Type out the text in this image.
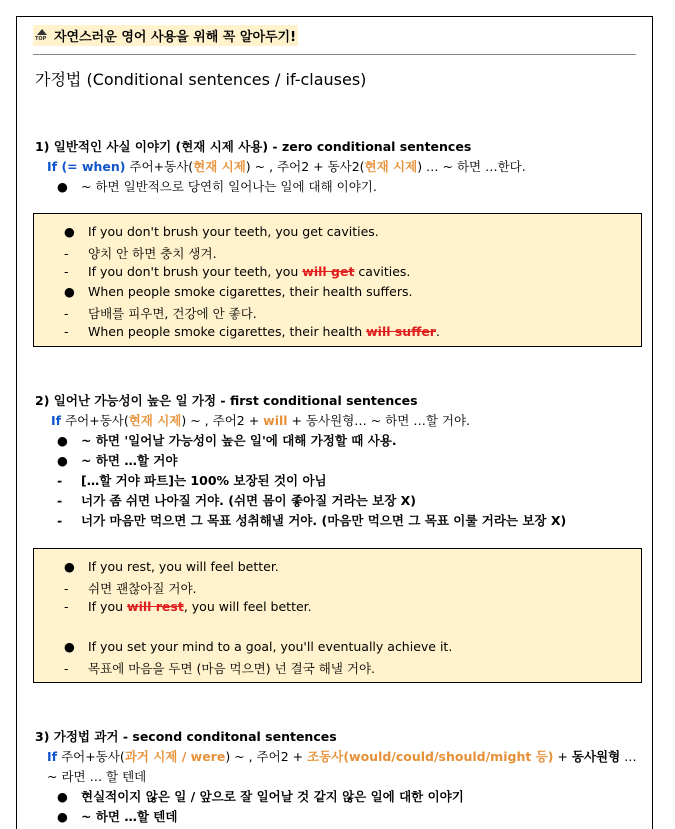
TOP 자연스러운 영어 사용을 위해 꼭 알아두기!
가정법 (Conditional sentences / if-clauses)
1) 일반적인 사실 이야기 (현재 시제 사용) - zero conditional sentences
If (= when) 주어+동사(현재 시제) ~ , 주어2 + 동사2(현재 시제) … ~ 하면 …한다.
● ~ 하면 일반적으로 당연히 일어나는 일에 대해 이야기.
● If you don't brush your teeth, you get cavities.
- 양치 안 하면 충치 생겨.
- If you don't brush your teeth, you will get cavities.
● When people smoke cigarettes, their health suffers.
- 담배를 피우면, 건강에 안 좋다.
- When people smoke cigarettes, their health will suffer.
2) 일어난 가능성이 높은 일 가정 - first conditional sentences
If 주어+동사(현재 시제) ~ , 주어2 + will + 동사원형… ~ 하면 …할 거야.
● ~ 하면 '일어날 가능성이 높은 일'에 대해 가정할 때 사용.
● ~ 하면 …할 거야
- […할 거야 파트]는 100% 보장된 것이 아님
- 너가 좀 쉬면 나아질 거야. (쉬면 몸이 좋아질 거라는 보장 X)
- 너가 마음만 먹으면 그 목표 성취해낼 거야. (마음만 먹으면 그 목표 이룰 거라는 보장 X)
● If you rest, you will feel better.
- 쉬면 괜찮아질 거야.
- If you will rest, you will feel better.
● If you set your mind to a goal, you'll eventually achieve it.
- 목표에 마음을 두면 (마음 먹으면) 넌 결국 해낼 거야.
3) 가정법 과거 - second conditonal sentences
If 주어+동사(과거 시제 / were) ~ , 주어2 + 조동사(would/could/should/might 등) + 동사원형 …
~ 라면 … 할 텐데
● 현실적이지 않은 일 / 앞으로 잘 일어날 것 같지 않은 일에 대한 이야기
● ~ 하면 …할 텐데
